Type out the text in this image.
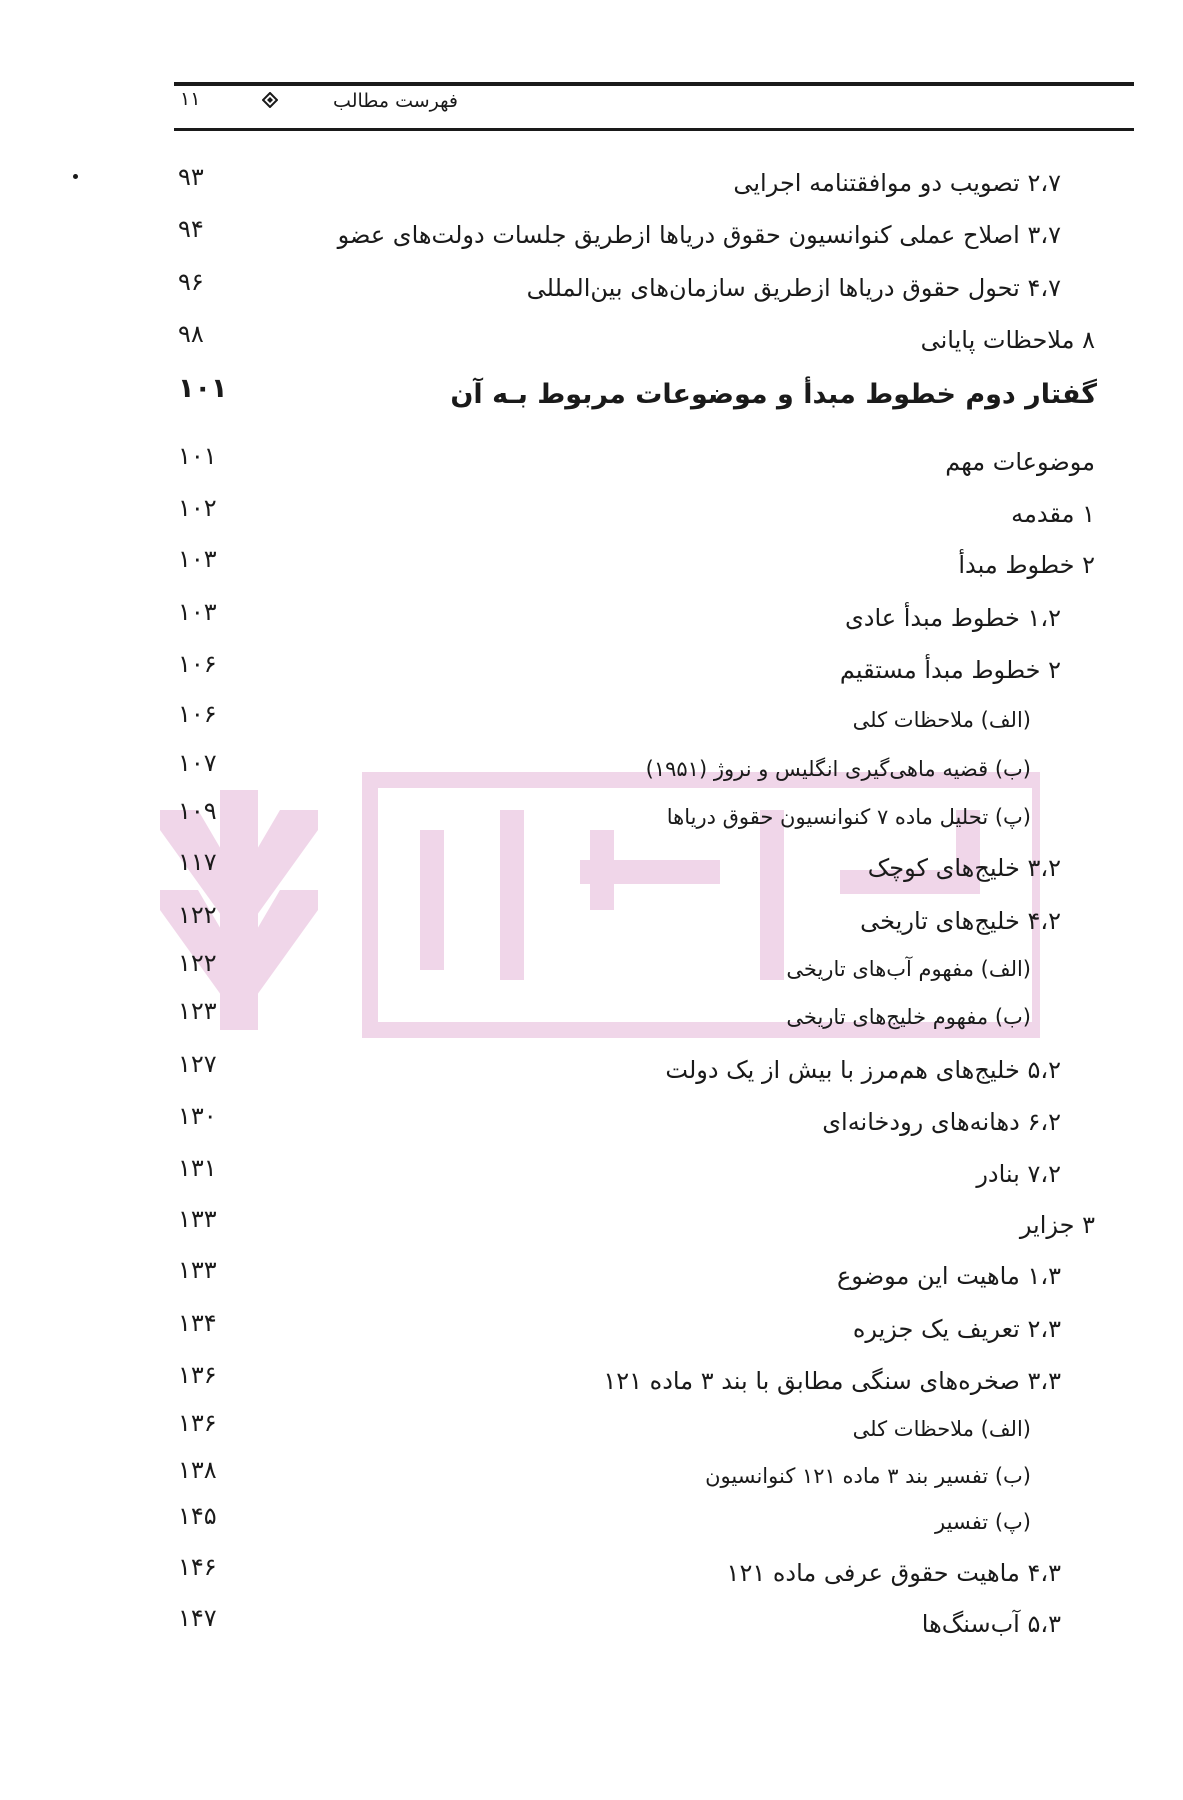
فهرست مطالب
۱۱
۲،۷ تصویب دو موافقتنامه اجرایی
۹۳
۳،۷ اصلاح عملی کنوانسیون حقوق دریاها ازطریق جلسات دولت‌های عضو
۹۴
۴،۷ تحول حقوق دریاها ازطریق سازمان‌های بین‌المللی
۹۶
۸ ملاحظات پایانی
۹۸
گفتار دوم خطوط مبدأ و موضوعات مربوط بـه آن
۱۰۱
موضوعات مهم
۱۰۱
۱ مقدمه
۱۰۲
۲ خطوط مبدأ
۱۰۳
۱،۲ خطوط مبدأ عادی
۱۰۳
۲ خطوط مبدأ مستقیم
۱۰۶
(الف) ملاحظات کلی
۱۰۶
(ب) قضیه ماهی‌گیری انگلیس و نروژ (۱۹۵۱)
۱۰۷
(پ) تحلیل ماده ۷ کنوانسیون حقوق دریاها
۱۰۹
۳،۲ خلیج‌های کوچک
۱۱۷
۴،۲ خلیج‌های تاریخی
۱۲۲
(الف) مفهوم آب‌های تاریخی
۱۲۲
(ب) مفهوم خلیج‌های تاریخی
۱۲۳
۵،۲ خلیج‌های هم‌مرز با بیش از یک دولت
۱۲۷
۶،۲ دهانه‌های رودخانه‌ای
۱۳۰
۷،۲ بنادر
۱۳۱
۳ جزایر
۱۳۳
۱،۳ ماهیت این موضوع
۱۳۳
۲،۳ تعریف یک جزیره
۱۳۴
۳،۳ صخره‌های سنگی مطابق با بند ۳ ماده ۱۲۱
۱۳۶
(الف) ملاحظات کلی
۱۳۶
(ب) تفسیر بند ۳ ماده ۱۲۱ کنوانسیون
۱۳۸
(پ) تفسیر
۱۴۵
۴،۳ ماهیت حقوق عرفی ماده ۱۲۱
۱۴۶
۵،۳ آب‌سنگ‌ها
۱۴۷
